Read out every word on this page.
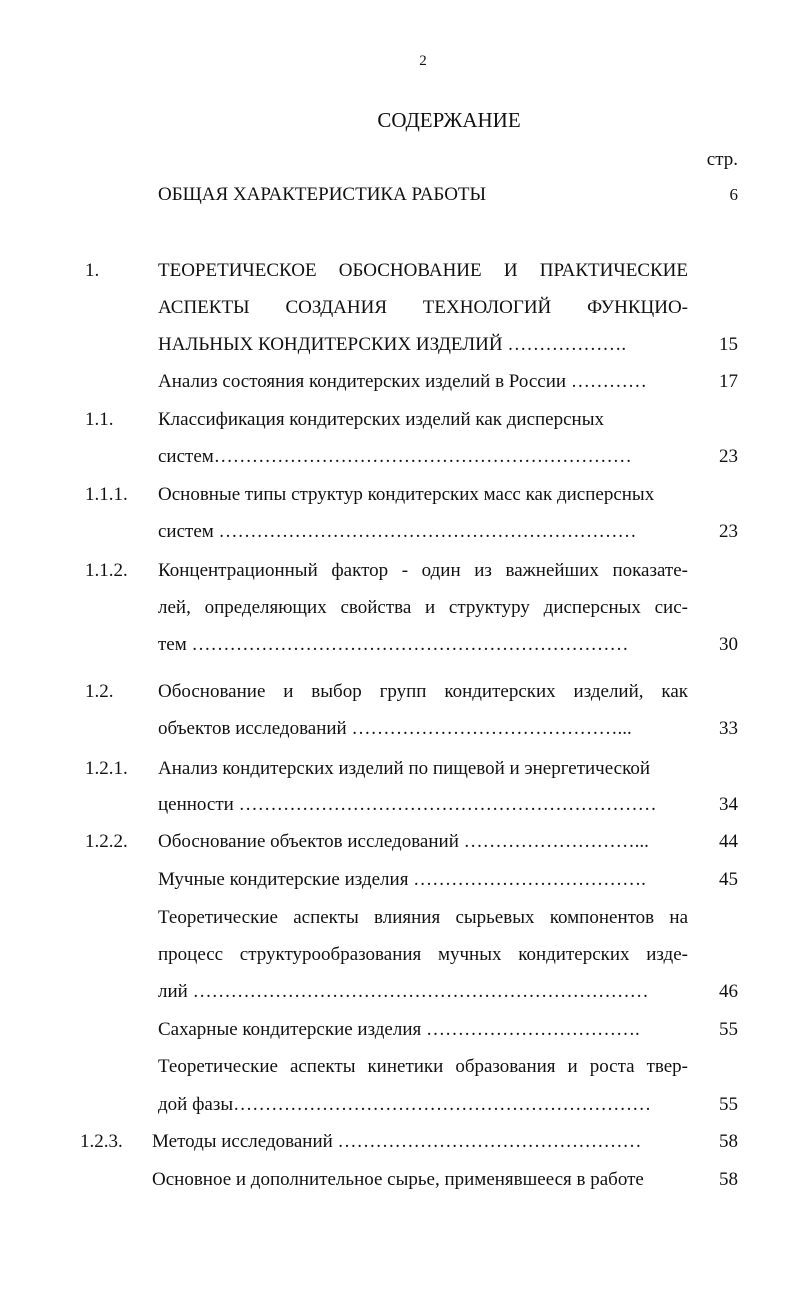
2
СОДЕРЖАНИЕ
стр.
ОБЩАЯ ХАРАКТЕРИСТИКА РАБОТЫ	6
1.	ТЕОРЕТИЧЕСКОЕ ОБОСНОВАНИЕ И ПРАКТИЧЕСКИЕ
АСПЕКТЫ СОЗДАНИЯ ТЕХНОЛОГИЙ ФУНКЦИО-
НАЛЬНЫХ КОНДИТЕРСКИХ ИЗДЕЛИЙ ……………….	15
Анализ состояния кондитерских изделий в России …………	17
1.1. Классификация кондитерских изделий как дисперсных
систем…………………………………………………………	23
1.1.1. Основные типы структур кондитерских масс как дисперсных
систем …………………………………………………………	23
1.1.2. Концентрационный фактор - один из важнейших показате-
лей, определяющих свойства и структуру дисперсных сис-
тем ……………………………………………………………	30
1.2. Обоснование и выбор групп кондитерских изделий, как
объектов исследований ……………………………………...	33
1.2.1. Анализ кондитерских изделий по пищевой и энергетической
ценности …………………………………………………………	34
1.2.2. Обоснование объектов исследований ………………………...	44
Мучные кондитерские изделия ……………………………….	45
Теоретические аспекты влияния сырьевых компонентов на
процесс структурообразования мучных кондитерских изде-
лий ………………………………………………………………	46
Сахарные кондитерские изделия …………………………….	55
Теоретические аспекты кинетики образования и роста твер-
дой фазы…………………………………………………………	55
1.2.3. Методы исследований …………………………………………	58
Основное и дополнительное сырье, применявшееся в работе	58
